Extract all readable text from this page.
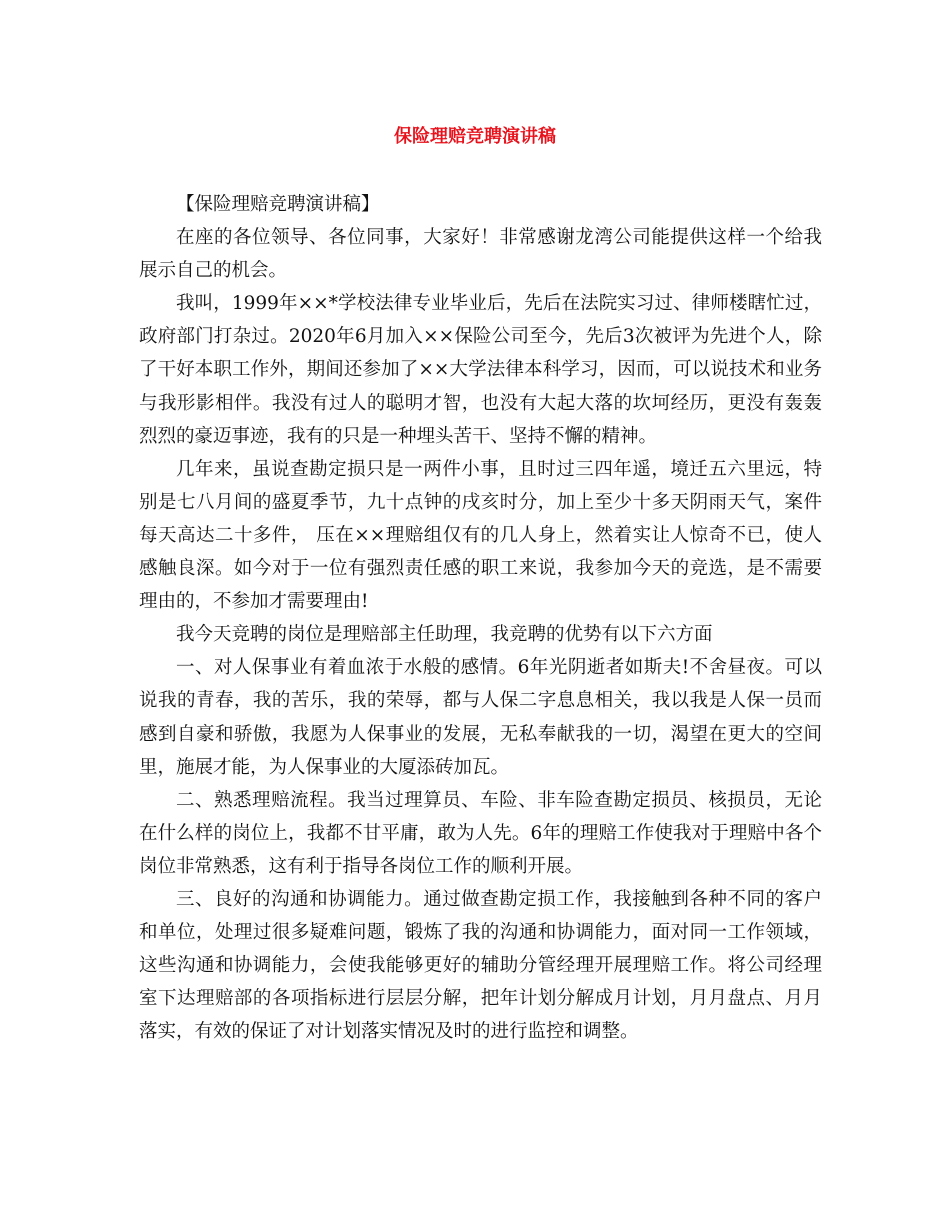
保险理赔竞聘演讲稿

【保险理赔竞聘演讲稿】

在座的各位领导、各位同事，大家好！非常感谢龙湾公司能提供这样一个给我展示自己的机会。

我叫，1999年××*学校法律专业毕业后，先后在法院实习过、律师楼瞎忙过，政府部门打杂过。2020年6月加入××保险公司至今，先后3次被评为先进个人，除了干好本职工作外，期间还参加了××大学法律本科学习，因而，可以说技术和业务与我形影相伴。我没有过人的聪明才智，也没有大起大落的坎坷经历，更没有轰轰烈烈的豪迈事迹，我有的只是一种埋头苦干、坚持不懈的精神。

几年来，虽说查勘定损只是一两件小事，且时过三四年遥，境迁五六里远，特别是七八月间的盛夏季节，九十点钟的戌亥时分，加上至少十多天阴雨天气，案件每天高达二十多件， 压在××理赔组仅有的几人身上，然着实让人惊奇不已，使人感触良深。如今对于一位有强烈责任感的职工来说，我参加今天的竞选，是不需要理由的，不参加才需要理由!

我今天竞聘的岗位是理赔部主任助理，我竞聘的优势有以下六方面

一、对人保事业有着血浓于水般的感情。6年光阴逝者如斯夫!不舍昼夜。可以说我的青春，我的苦乐，我的荣辱，都与人保二字息息相关，我以我是人保一员而感到自豪和骄傲，我愿为人保事业的发展，无私奉献我的一切，渴望在更大的空间里，施展才能，为人保事业的大厦添砖加瓦。

二、熟悉理赔流程。我当过理算员、车险、非车险查勘定损员、核损员，无论在什么样的岗位上，我都不甘平庸，敢为人先。6年的理赔工作使我对于理赔中各个岗位非常熟悉，这有利于指导各岗位工作的顺利开展。

三、良好的沟通和协调能力。通过做查勘定损工作，我接触到各种不同的客户和单位，处理过很多疑难问题，锻炼了我的沟通和协调能力，面对同一工作领域，这些沟通和协调能力，会使我能够更好的辅助分管经理开展理赔工作。将公司经理室下达理赔部的各项指标进行层层分解，把年计划分解成月计划，月月盘点、月月落实，有效的保证了对计划落实情况及时的进行监控和调整。
